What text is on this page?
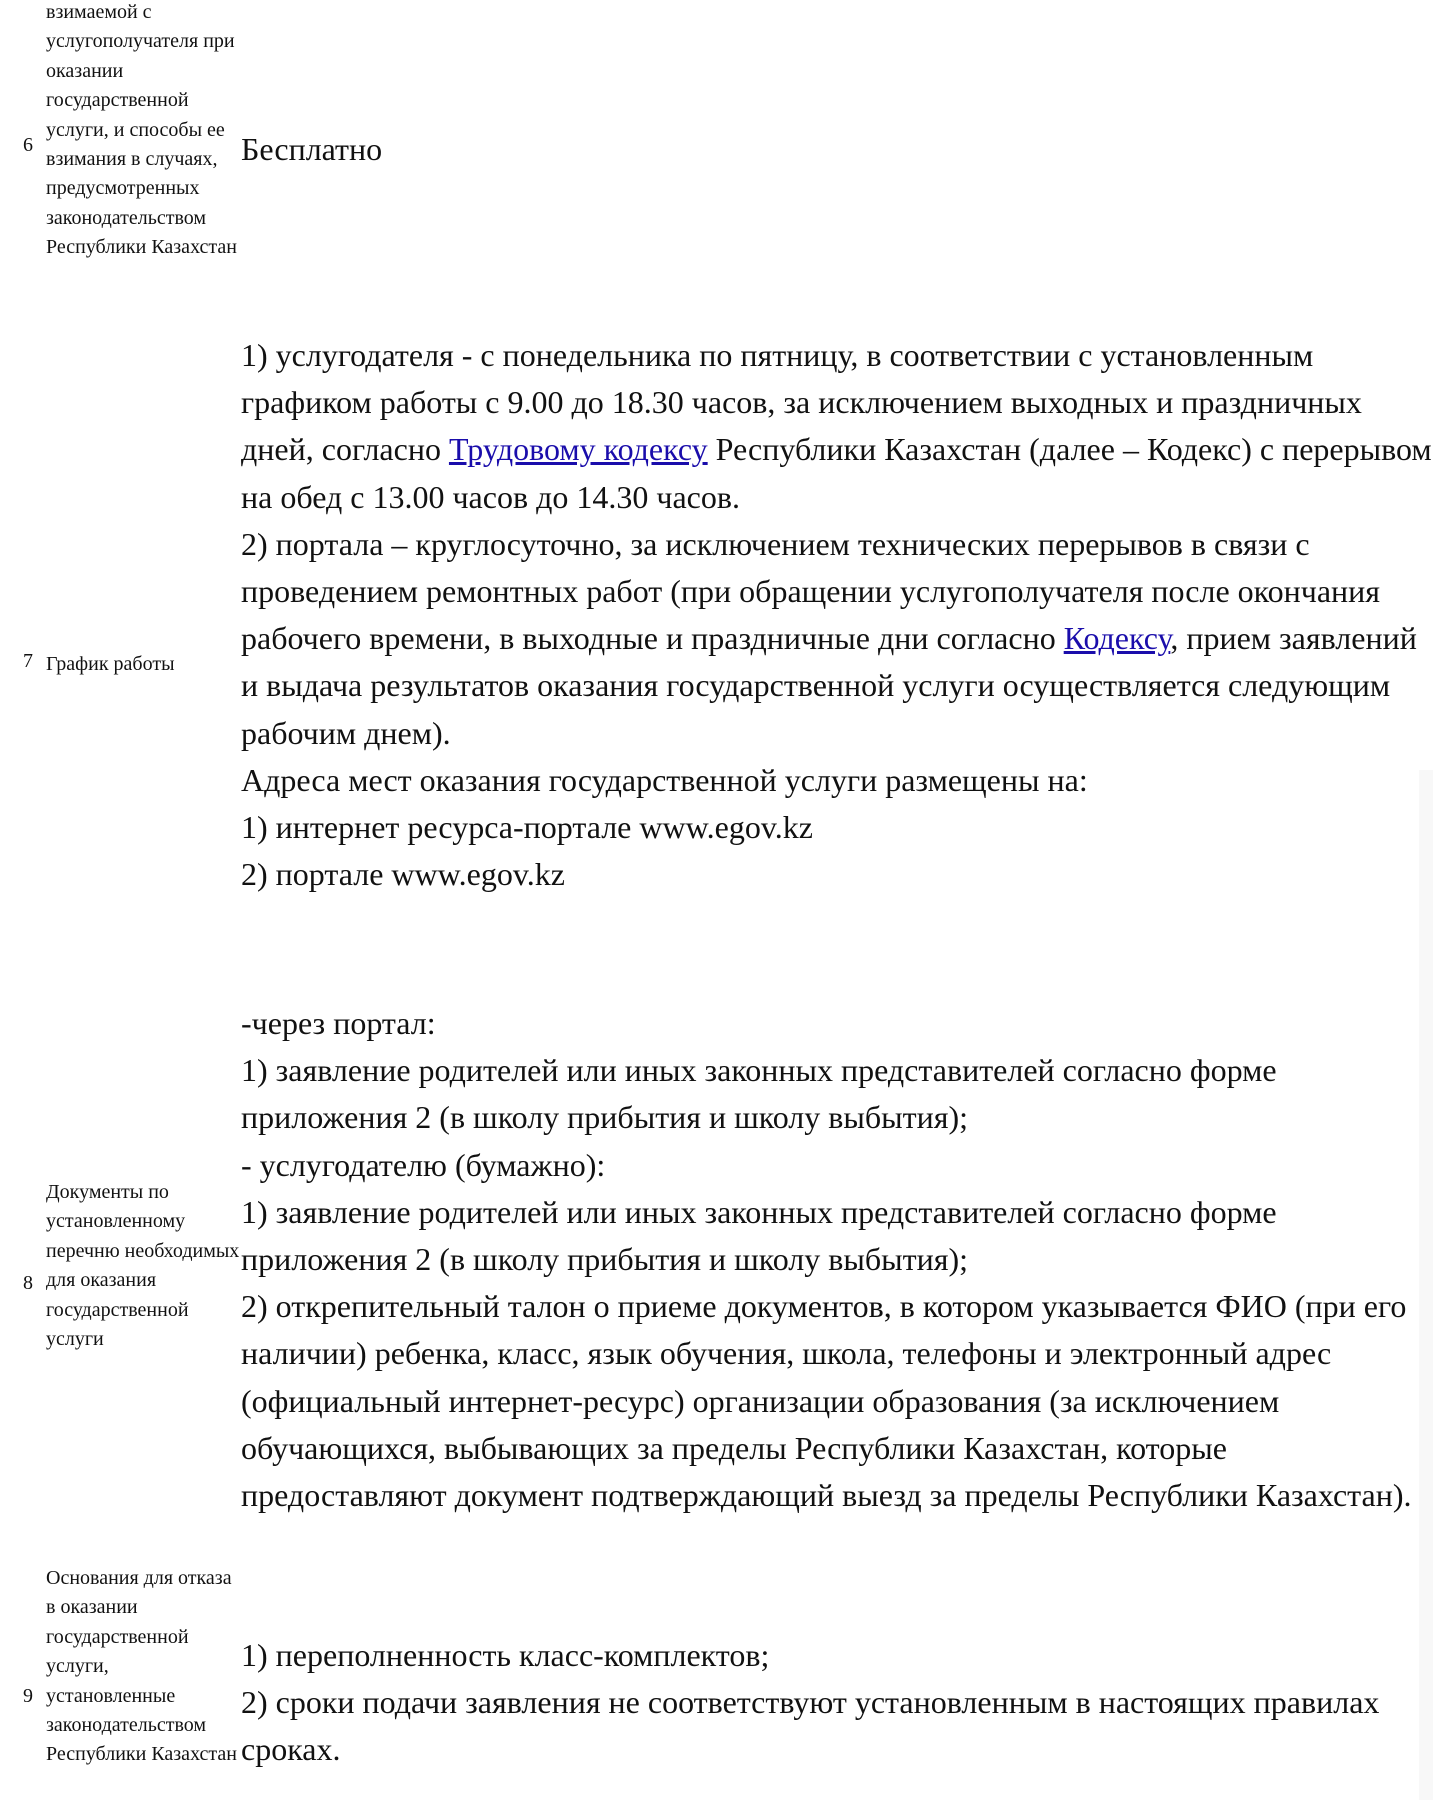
6
взимаемой с услугополучателя при оказании государственной услуги, и способы ее взимания в случаях, предусмотренных законодательством Республики Казахстан
Бесплатно
7 График работы

1) услугодателя - с понедельника по пятницу, в соответствии с установленным графиком работы с 9.00 до 18.30 часов, за исключением выходных и праздничных дней, согласно Трудовому кодексу Республики Казахстан (далее – Кодекс) с перерывом на обед с 13.00 часов до 14.30 часов.

2) портала – круглосуточно, за исключением технических перерывов в связи с проведением ремонтных работ (при обращении услугополучателя после окончания рабочего времени, в выходные и праздничные дни согласно Кодексу, прием заявлений и выдача результатов оказания государственной услуги осуществляется следующим рабочим днем).

Адреса мест оказания государственной услуги размещены на:

1) интернет ресурса-портале www.egov.kz

2) портале www.egov.kz

8
Документы по установленному перечню необходимых для оказания государственной услуги

-через портал:

1) заявление родителей или иных законных представителей согласно форме приложения 2 (в школу прибытия и школу выбытия);

- услугодателю (бумажно):

1) заявление родителей или иных законных представителей согласно форме приложения 2 (в школу прибытия и школу выбытия);

2) открепительный талон о приеме документов, в котором указывается ФИО (при его наличии) ребенка, класс, язык обучения, школа, телефоны и электронный адрес (официальный интернет-ресурс) организации образования (за исключением обучающихся, выбывающих за пределы Республики Казахстан, которые предоставляют документ подтверждающий выезд за пределы Республики Казахстан).

9
Основания для отказа в оказании государственной услуги, установленные законодательством Республики Казахстан

1) переполненность класс-комплектов;

2) сроки подачи заявления не соответствуют установленным в настоящих правилах сроках.
